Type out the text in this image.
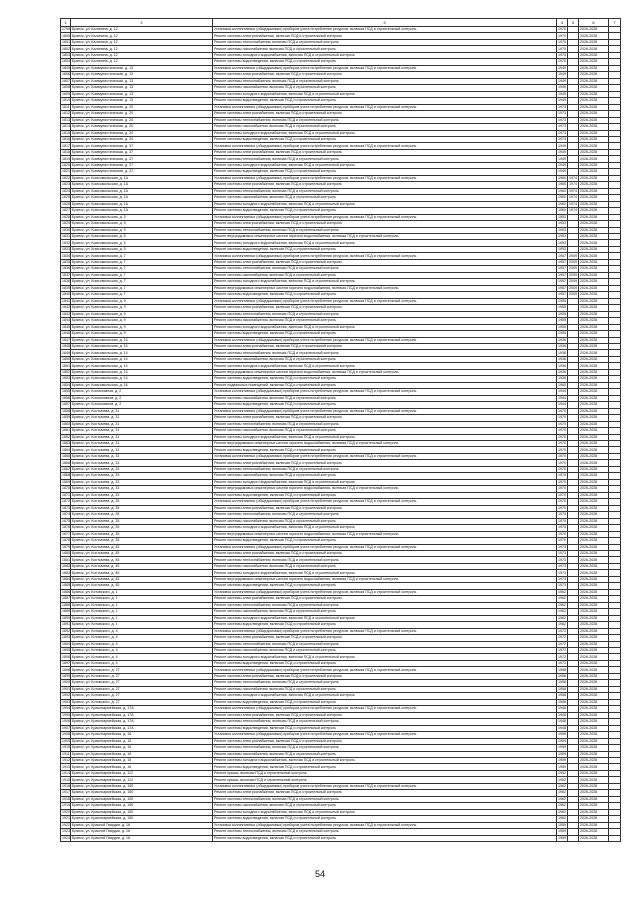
1	2	3	4	5	6	7
1799	Брянск, ул. Калинина, д. 12	Установка коллективных (общедомовых) приборов учета потребления ресурсов, включая ПСД и строительный контроль	1970		2026-2028	
1800	Брянск, ул. Калинина, д. 12	Ремонт системы электроснабжения, включая ПСД и строительный контроль	1970		2026-2028	
1801	Брянск, ул. Калинина, д. 12	Ремонт системы теплоснабжения, включая ПСД и строительный контроль	1970		2026-2028	
1802	Брянск, ул. Калинина, д. 12	Ремонт системы газоснабжения, включая ПСД и строительный контроль	1970		2026-2028	
1803	Брянск, ул. Калинина, д. 12	Ремонт системы холодного водоснабжения, включая ПСД и строительный контроль	1970		2026-2028	
1804	Брянск, ул. Калинина, д. 12	Ремонт системы водоотведения, включая ПСД и строительный контроль	1970		2026-2028	
1805	Брянск, ул. Коммунистическая, д. 13	Установка коллективных (общедомовых) приборов учета потребления ресурсов, включая ПСД и строительный контроль	1949		2026-2028	
1806	Брянск, ул. Коммунистическая, д. 13	Ремонт системы электроснабжения, включая ПСД и строительный контроль	1949		2026-2028	
1807	Брянск, ул. Коммунистическая, д. 13	Ремонт системы теплоснабжения, включая ПСД и строительный контроль	1949		2026-2028	
1808	Брянск, ул. Коммунистическая, д. 13	Ремонт системы газоснабжения, включая ПСД и строительный контроль	1949		2026-2028	
1809	Брянск, ул. Коммунистическая, д. 13	Ремонт системы холодного водоснабжения, включая ПСД и строительный контроль	1949		2026-2028	
1810	Брянск, ул. Коммунистическая, д. 13	Ремонт системы водоотведения, включая ПСД и строительный контроль	1949		2026-2028	
1811	Брянск, ул. Коммунистическая, д. 20	Установка коллективных (общедомовых) приборов учета потребления ресурсов, включая ПСД и строительный контроль	1973		2026-2028	
1812	Брянск, ул. Коммунистическая, д. 20	Ремонт системы электроснабжения, включая ПСД и строительный контроль	1973		2026-2028	
1813	Брянск, ул. Коммунистическая, д. 20	Ремонт системы теплоснабжения, включая ПСД и строительный контроль	1973		2026-2028	
1814	Брянск, ул. Коммунистическая, д. 20	Ремонт системы газоснабжения, включая ПСД и строительный контроль	1973		2026-2028	
1815	Брянск, ул. Коммунистическая, д. 20	Ремонт системы холодного водоснабжения, включая ПСД и строительный контроль	1973		2026-2028	
1816	Брянск, ул. Коммунистическая, д. 20	Ремонт системы водоотведения, включая ПСД и строительный контроль	1973		2026-2028	
1817	Брянск, ул. Коммунистическая, д. 37	Установка коллективных (общедомовых) приборов учета потребления ресурсов, включая ПСД и строительный контроль	1949		2026-2028	
1818	Брянск, ул. Коммунистическая, д. 37	Ремонт системы электроснабжения, включая ПСД и строительный контроль	1949		2026-2028	
1819	Брянск, ул. Коммунистическая, д. 37	Ремонт системы теплоснабжения, включая ПСД и строительный контроль	1949		2026-2028	
1820	Брянск, ул. Коммунистическая, д. 37	Ремонт системы холодного водоснабжения, включая ПСД и строительный контроль	1949		2026-2028	
1821	Брянск, ул. Коммунистическая, д. 37	Ремонт системы водоотведения, включая ПСД и строительный контроль	1949		2026-2028	
1822	Брянск, ул. Комсомольская, д. 1А	Установка коллективных (общедомовых) приборов учета потребления ресурсов, включая ПСД и строительный контроль	1960	1974	2026-2028	
1823	Брянск, ул. Комсомольская, д. 1А	Ремонт системы электроснабжения, включая ПСД и строительный контроль	1960	1974	2026-2028	
1824	Брянск, ул. Комсомольская, д. 1А	Ремонт системы теплоснабжения, включая ПСД и строительный контроль	1960	1974	2026-2028	
1825	Брянск, ул. Комсомольская, д. 1А	Ремонт системы газоснабжения, включая ПСД и строительный контроль	1960	1974	2026-2028	
1826	Брянск, ул. Комсомольская, д. 1А	Ремонт системы холодного водоснабжения, включая ПСД и строительный контроль	1960	1974	2026-2028	
1827	Брянск, ул. Комсомольская, д. 1А	Ремонт системы водоотведения, включая ПСД и строительный контроль	1960	1974	2026-2028	
1828	Брянск, ул. Комсомольская, д. 5	Установка коллективных (общедомовых) приборов учета потребления ресурсов, включая ПСД и строительный контроль	1953		2026-2028	
1829	Брянск, ул. Комсомольская, д. 5	Ремонт системы электроснабжения, включая ПСД и строительный контроль	1953		2026-2028	
1830	Брянск, ул. Комсомольская, д. 5	Ремонт системы теплоснабжения, включая ПСД и строительный контроль	1953		2026-2028	
1831	Брянск, ул. Комсомольская, д. 5	Ремонт внутридомовых инженерных систем горячего водоснабжения, включая ПСД и строительный контроль	1953		2026-2028	
1832	Брянск, ул. Комсомольская, д. 5	Ремонт системы холодного водоснабжения, включая ПСД и строительный контроль	1953		2026-2028	
1833	Брянск, ул. Комсомольская, д. 5	Ремонт системы водоотведения, включая ПСД и строительный контроль	1953		2026-2028	
1834	Брянск, ул. Комсомольская, д. 7	Установка коллективных (общедомовых) приборов учета потребления ресурсов, включая ПСД и строительный контроль	1957	2009	2026-2028	
1835	Брянск, ул. Комсомольская, д. 7	Ремонт системы электроснабжения, включая ПСД и строительный контроль	1957	2009	2026-2028	
1836	Брянск, ул. Комсомольская, д. 7	Ремонт системы теплоснабжения, включая ПСД и строительный контроль	1957	2009	2026-2028	
1837	Брянск, ул. Комсомольская, д. 7	Ремонт системы газоснабжения, включая ПСД и строительный контроль	1957	2009	2026-2028	
1838	Брянск, ул. Комсомольская, д. 7	Ремонт системы холодного водоснабжения, включая ПСД и строительный контроль	1957	2009	2026-2028	
1839	Брянск, ул. Комсомольская, д. 7	Ремонт внутридомовых инженерных систем горячего водоснабжения, включая ПСД и строительный контроль	1957	2009	2026-2028	
1840	Брянск, ул. Комсомольская, д. 7	Ремонт системы водоотведения, включая ПСД и строительный контроль	1957	2009	2026-2028	
1841	Брянск, ул. Комсомольская, д. 9	Установка коллективных (общедомовых) приборов учета потребления ресурсов, включая ПСД и строительный контроль	1955		2026-2028	
1842	Брянск, ул. Комсомольская, д. 9	Ремонт системы электроснабжения, включая ПСД и строительный контроль	1955		2026-2028	
1843	Брянск, ул. Комсомольская, д. 9	Ремонт системы теплоснабжения, включая ПСД и строительный контроль	1955		2026-2028	
1844	Брянск, ул. Комсомольская, д. 9	Ремонт системы газоснабжения, включая ПСД и строительный контроль	1955		2026-2028	
1845	Брянск, ул. Комсомольская, д. 9	Ремонт системы холодного водоснабжения, включая ПСД и строительный контроль	1955		2026-2028	
1846	Брянск, ул. Комсомольская, д. 9	Ремонт системы водоотведения, включая ПСД и строительный контроль	1955		2026-2028	
1847	Брянск, ул. Комсомольская, д. 14	Установка коллективных (общедомовых) приборов учета потребления ресурсов, включая ПСД и строительный контроль	1936		2026-2028	
1848	Брянск, ул. Комсомольская, д. 14	Ремонт системы электроснабжения, включая ПСД и строительный контроль	1936		2026-2028	
1849	Брянск, ул. Комсомольская, д. 14	Ремонт системы теплоснабжения, включая ПСД и строительный контроль	1936		2026-2028	
1850	Брянск, ул. Комсомольская, д. 14	Ремонт системы газоснабжения, включая ПСД и строительный контроль	1936		2026-2028	
1851	Брянск, ул. Комсомольская, д. 14	Ремонт системы холодного водоснабжения, включая ПСД и строительный контроль	1936		2026-2028	
1852	Брянск, ул. Комсомольская, д. 14	Ремонт внутридомовых инженерных систем горячего водоснабжения, включая ПСД и строительный контроль	1936		2026-2028	
1853	Брянск, ул. Комсомольская, д. 14	Ремонт системы водоотведения, включая ПСД и строительный контроль	1936		2026-2028	
1854	Брянск, ул. Комсомольская, д. 16	Ремонт подвальных помещений, включая ПСД и строительный контроль	1960		2026-2028	
1855	Брянск, ул. Космонавтов, д. 2	Установка коллективных (общедомовых) приборов учета потребления ресурсов, включая ПСД и строительный контроль	1944		2026-2028	
1856	Брянск, ул. Космонавтов, д. 2	Ремонт системы газоснабжения, включая ПСД и строительный контроль	1944		2026-2028	
1857	Брянск, ул. Космонавтов, д. 2	Ремонт системы водоотведения, включая ПСД и строительный контроль	1944		2026-2028	
1858	Брянск, ул. Костычева, д. 31	Установка коллективных (общедомовых) приборов учета потребления ресурсов, включая ПСД и строительный контроль	1970		2026-2028	
1859	Брянск, ул. Костычева, д. 31	Ремонт системы электроснабжения, включая ПСД и строительный контроль	1970		2026-2028	
1860	Брянск, ул. Костычева, д. 31	Ремонт системы теплоснабжения, включая ПСД и строительный контроль	1970		2026-2028	
1861	Брянск, ул. Костычева, д. 31	Ремонт системы газоснабжения, включая ПСД и строительный контроль	1970		2026-2028	
1862	Брянск, ул. Костычева, д. 31	Ремонт системы холодного водоснабжения, включая ПСД и строительный контроль	1970		2026-2028	
1863	Брянск, ул. Костычева, д. 31	Ремонт внутридомовых инженерных систем горячего водоснабжения, включая ПСД и строительный контроль	1970		2026-2028	
1864	Брянск, ул. Костычева, д. 31	Ремонт системы водоотведения, включая ПСД и строительный контроль	1970		2026-2028	
1865	Брянск, ул. Костычева, д. 33	Установка коллективных (общедомовых) приборов учета потребления ресурсов, включая ПСД и строительный контроль	1970		2026-2028	
1866	Брянск, ул. Костычева, д. 33	Ремонт системы электроснабжения, включая ПСД и строительный контроль	1970		2026-2028	
1867	Брянск, ул. Костычева, д. 33	Ремонт системы теплоснабжения, включая ПСД и строительный контроль	1970		2026-2028	
1868	Брянск, ул. Костычева, д. 33	Ремонт системы газоснабжения, включая ПСД и строительный контроль	1970		2026-2028	
1869	Брянск, ул. Костычева, д. 33	Ремонт системы холодного водоснабжения, включая ПСД и строительный контроль	1970		2026-2028	
1870	Брянск, ул. Костычева, д. 33	Ремонт внутридомовых инженерных систем горячего водоснабжения, включая ПСД и строительный контроль	1970		2026-2028	
1871	Брянск, ул. Костычева, д. 33	Ремонт системы водоотведения, включая ПСД и строительный контроль	1970		2026-2028	
1872	Брянск, ул. Костычева, д. 35	Установка коллективных (общедомовых) приборов учета потребления ресурсов, включая ПСД и строительный контроль	1970		2026-2028	
1873	Брянск, ул. Костычева, д. 35	Ремонт системы электроснабжения, включая ПСД и строительный контроль	1970		2026-2028	
1874	Брянск, ул. Костычева, д. 35	Ремонт системы теплоснабжения, включая ПСД и строительный контроль	1970		2026-2028	
1875	Брянск, ул. Костычева, д. 35	Ремонт системы газоснабжения, включая ПСД и строительный контроль	1970		2026-2028	
1876	Брянск, ул. Костычева, д. 35	Ремонт системы холодного водоснабжения, включая ПСД и строительный контроль	1970		2026-2028	
1877	Брянск, ул. Костычева, д. 35	Ремонт внутридомовых инженерных систем горячего водоснабжения, включая ПСД и строительный контроль	1970		2026-2028	
1878	Брянск, ул. Костычева, д. 35	Ремонт системы водоотведения, включая ПСД и строительный контроль	1970		2026-2028	
1879	Брянск, ул. Костычева, д. 45	Установка коллективных (общедомовых) приборов учета потребления ресурсов, включая ПСД и строительный контроль	1973		2026-2028	
1880	Брянск, ул. Костычева, д. 45	Ремонт системы электроснабжения, включая ПСД и строительный контроль	1973		2026-2028	
1881	Брянск, ул. Костычева, д. 45	Ремонт системы теплоснабжения, включая ПСД и строительный контроль	1973		2026-2028	
1882	Брянск, ул. Костычева, д. 45	Ремонт системы газоснабжения, включая ПСД и строительный контроль	1973		2026-2028	
1883	Брянск, ул. Костычева, д. 45	Ремонт системы холодного водоснабжения, включая ПСД и строительный контроль	1973		2026-2028	
1884	Брянск, ул. Костычева, д. 45	Ремонт внутридомовых инженерных систем горячего водоснабжения, включая ПСД и строительный контроль	1973		2026-2028	
1885	Брянск, ул. Костычева, д. 45	Ремонт системы водоотведения, включая ПСД и строительный контроль	1973		2026-2028	
1886	Брянск, ул. Котовского, д. 1	Установка коллективных (общедомовых) приборов учета потребления ресурсов, включая ПСД и строительный контроль	1962		2026-2028	
1887	Брянск, ул. Котовского, д. 1	Ремонт системы электроснабжения, включая ПСД и строительный контроль	1962		2026-2028	
1888	Брянск, ул. Котовского, д. 1	Ремонт системы теплоснабжения, включая ПСД и строительный контроль	1962		2026-2028	
1889	Брянск, ул. Котовского, д. 1	Ремонт системы газоснабжения, включая ПСД и строительный контроль	1962		2026-2028	
1890	Брянск, ул. Котовского, д. 1	Ремонт системы холодного водоснабжения, включая ПСД и строительный контроль	1962		2026-2028	
1891	Брянск, ул. Котовского, д. 1	Ремонт системы водоотведения, включая ПСД и строительный контроль	1962		2026-2028	
1892	Брянск, ул. Котовского, д. 4	Установка коллективных (общедомовых) приборов учета потребления ресурсов, включая ПСД и строительный контроль	1972		2026-2028	
1893	Брянск, ул. Котовского, д. 4	Ремонт системы электроснабжения, включая ПСД и строительный контроль	1972		2026-2028	
1894	Брянск, ул. Котовского, д. 4	Ремонт системы теплоснабжения, включая ПСД и строительный контроль	1972		2026-2028	
1895	Брянск, ул. Котовского, д. 4	Ремонт системы газоснабжения, включая ПСД и строительный контроль	1972		2026-2028	
1896	Брянск, ул. Котовского, д. 4	Ремонт системы холодного водоснабжения, включая ПСД и строительный контроль	1972		2026-2028	
1897	Брянск, ул. Котовского, д. 4	Ремонт системы водоотведения, включая ПСД и строительный контроль	1972		2026-2028	
1898	Брянск, ул. Котовского, д. 27	Установка коллективных (общедомовых) приборов учета потребления ресурсов, включая ПСД и строительный контроль	1958		2026-2028	
1899	Брянск, ул. Котовского, д. 27	Ремонт системы электроснабжения, включая ПСД и строительный контроль	1958		2026-2028	
1900	Брянск, ул. Котовского, д. 27	Ремонт системы теплоснабжения, включая ПСД и строительный контроль	1958		2026-2028	
1901	Брянск, ул. Котовского, д. 27	Ремонт системы газоснабжения, включая ПСД и строительный контроль	1958		2026-2028	
1902	Брянск, ул. Котовского, д. 27	Ремонт системы холодного водоснабжения, включая ПСД и строительный контроль	1958		2026-2028	
1903	Брянск, ул. Котовского, д. 27	Ремонт системы водоотведения, включая ПСД и строительный контроль	1958		2026-2028	
1904	Брянск, ул. Красноармейская, д. 17А	Установка коллективных (общедомовых) приборов учета потребления ресурсов, включая ПСД и строительный контроль	1948		2026-2028	
1905	Брянск, ул. Красноармейская, д. 17А	Ремонт системы электроснабжения, включая ПСД и строительный контроль	1948		2026-2028	
1906	Брянск, ул. Красноармейская, д. 17А	Ремонт системы теплоснабжения, включая ПСД и строительный контроль	1948		2026-2028	
1907	Брянск, ул. Красноармейская, д. 17А	Ремонт системы водоотведения, включая ПСД и строительный контроль	1948		2026-2028	
1908	Брянск, ул. Красноармейская, д. 16	Установка коллективных (общедомовых) приборов учета потребления ресурсов, включая ПСД и строительный контроль	1959		2026-2028	
1909	Брянск, ул. Красноармейская, д. 16	Ремонт системы электроснабжения, включая ПСД и строительный контроль	1959		2026-2028	
1910	Брянск, ул. Красноармейская, д. 16	Ремонт системы теплоснабжения, включая ПСД и строительный контроль	1959		2026-2028	
1911	Брянск, ул. Красноармейская, д. 16	Ремонт системы газоснабжения, включая ПСД и строительный контроль	1959		2026-2028	
1912	Брянск, ул. Красноармейская, д. 16	Ремонт системы холодного водоснабжения, включая ПСД и строительный контроль	1959		2026-2028	
1913	Брянск, ул. Красноармейская, д. 16	Ремонт системы водоотведения, включая ПСД и строительный контроль	1959		2026-2028	
1914	Брянск, ул. Красноармейская, д. 112	Ремонт крыши, включая ПСД и строительный контроль	1952		2026-2028	
1915	Брянск, ул. Красноармейская, д. 112	Ремонт крыши, включая ПСД и строительный контроль	1952		2026-2028	
1916	Брянск, ул. Красноармейская, д. 150	Установка коллективных (общедомовых) приборов учета потребления ресурсов, включая ПСД и строительный контроль	1962		2026-2028	
1917	Брянск, ул. Красноармейская, д. 150	Ремонт системы электроснабжения, включая ПСД и строительный контроль	1962		2026-2028	
1918	Брянск, ул. Красноармейская, д. 150	Ремонт системы теплоснабжения, включая ПСД и строительный контроль	1962		2026-2028	
1919	Брянск, ул. Красноармейская, д. 150	Ремонт системы газоснабжения, включая ПСД и строительный контроль	1962		2026-2028	
1920	Брянск, ул. Красноармейская, д. 150	Ремонт системы холодного водоснабжения, включая ПСД и строительный контроль	1962		2026-2028	
1921	Брянск, ул. Красноармейская, д. 150	Ремонт системы водоотведения, включая ПСД и строительный контроль	1962		2026-2028	
1922	Брянск, ул. Красной Гвардии, д. 16	Установка коллективных (общедомовых) приборов учета потребления ресурсов, включая ПСД и строительный контроль	1959		2026-2028	
1923	Брянск, ул. Красной Гвардии, д. 16	Ремонт системы теплоснабжения, включая ПСД и строительный контроль	1959		2026-2028	
1924	Брянск, ул. Красной Гвардии, д. 16	Ремонт системы водоотведения, включая ПСД и строительный контроль	1959		2026-2028	
54
